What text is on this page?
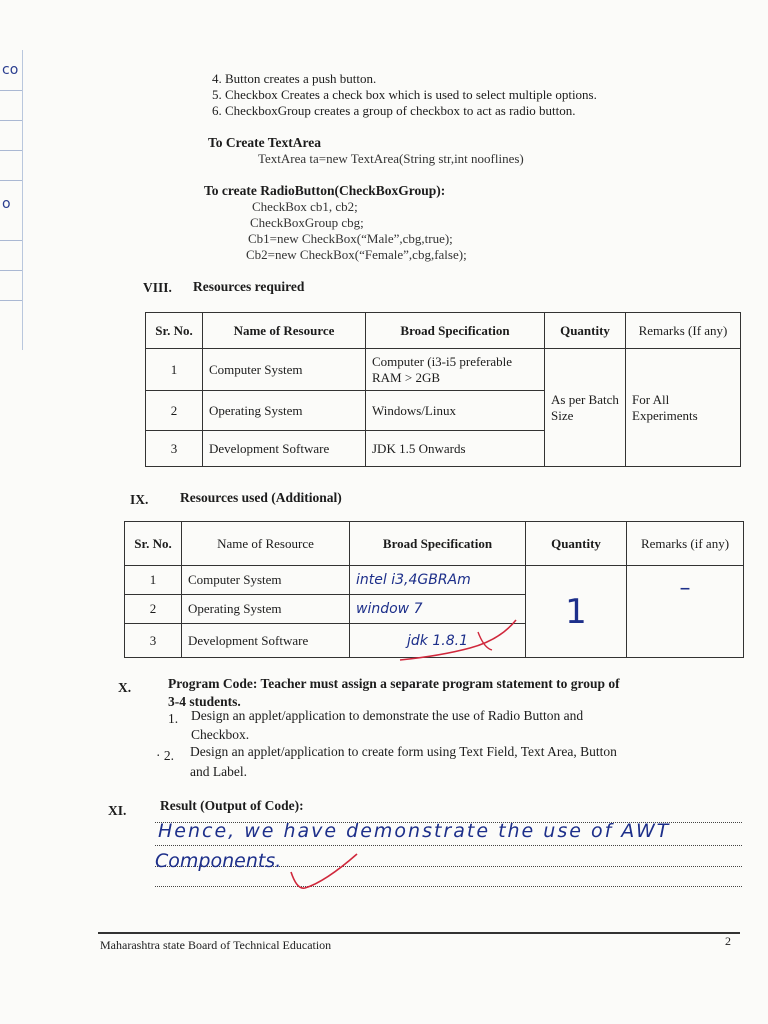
co
o
4. Button creates a push button.
5. Checkbox Creates a check box which is used to select multiple options.
6. CheckboxGroup creates a group of checkbox to act as radio button.
To Create TextArea
TextArea ta=new TextArea(String str,int nooflines)
To create RadioButton(CheckBoxGroup):
CheckBox cb1, cb2;
CheckBoxGroup cbg;
Cb1=new CheckBox(“Male”,cbg,true);
Cb2=new CheckBox(“Female”,cbg,false);
VIII. Resources required
Sr. No.	Name of Resource	Broad Specification	Quantity	Remarks (If any)
1	Computer System	Computer (i3-i5 preferable RAM > 2GB	As per Batch Size	For All Experiments
2	Operating System	Windows/Linux		
3	Development Software	JDK 1.5 Onwards		
IX. Resources used (Additional)
Sr. No.	Name of Resource	Broad Specification	Quantity	Remarks (if any)
1	Computer System	intel i3,4GBRAm	1	–
2	Operating System	window 7		
3	Development Software	jdk 1.8.1		
X.	Program Code: Teacher must assign a separate program statement to group of
3-4 students.
1. Design an applet/application to demonstrate the use of Radio Button and
Checkbox.
· 2. Design an applet/application to create form using Text Field, Text Area, Button
and Label.
XI. Result (Output of Code):
Hence, we have demonstrate the use of AWT
Components.
Maharashtra state Board of Technical Education	2
